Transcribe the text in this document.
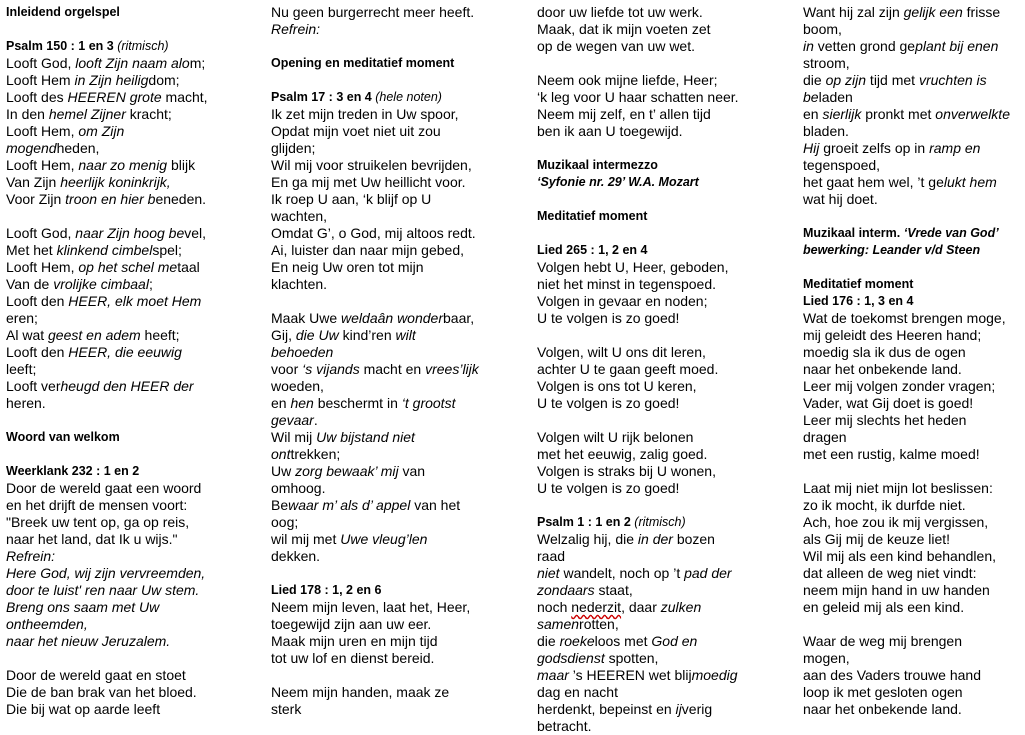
Inleidend orgelspel
Psalm 150 : 1 en 3 (ritmisch)
Looft God, looft Zijn naam alom;
Looft Hem in Zijn heiligdom;
Looft des HEEREN grote macht,
In den hemel Zijner kracht;
Looft Hem, om Zijn
mogendheden,
Looft Hem, naar zo menig blijk
Van Zijn heerlijk koninkrijk,
Voor Zijn troon en hier beneden.
Looft God, naar Zijn hoog bevel,
Met het klinkend cimbelspel;
Looft Hem, op het schel metaal
Van de vrolijke cimbaal;
Looft den HEER, elk moet Hem
eren;
Al wat geest en adem heeft;
Looft den HEER, die eeuwig
leeft;
Looft verheugd den HEER der
heren.
Woord van welkom
Weerklank 232 : 1 en 2
Door de wereld gaat een woord
en het drijft de mensen voort:
"Breek uw tent op, ga op reis,
naar het land, dat Ik u wijs."
Refrein:
Here God, wij zijn vervreemden,
door te luist' ren naar Uw stem.
Breng ons saam met Uw
ontheemden,
naar het nieuw Jeruzalem.
Door de wereld gaat en stoet
Die de ban brak van het bloed.
Die bij wat op aarde leeft
Nu geen burgerrecht meer heeft.
Refrein:
Opening en meditatief moment
Psalm 17 : 3 en 4 (hele noten)
Ik zet mijn treden in Uw spoor,
Opdat mijn voet niet uit zou
glijden;
Wil mij voor struikelen bevrijden,
En ga mij met Uw heillicht voor.
Ik roep U aan, ‘k blijf op U
wachten,
Omdat G’, o God, mij altoos redt.
Ai, luister dan naar mijn gebed,
En neig Uw oren tot mijn
klachten.
Maak Uwe weldaân wonderbaar,
Gij, die Uw kind’ren wilt
behoeden
voor ‘s vijands macht en vrees’lijk
woeden,
en hen beschermt in ‘t grootst
gevaar.
Wil mij Uw bijstand niet
onttrekken;
Uw zorg bewaak’ mij van
omhoog.
Bewaar m’ als d’ appel van het
oog;
wil mij met Uwe vleug’len
dekken.
Lied 178 : 1, 2 en 6
Neem mijn leven, laat het, Heer,
toegewijd zijn aan uw eer.
Maak mijn uren en mijn tijd
tot uw lof en dienst bereid.
Neem mijn handen, maak ze
sterk
door uw liefde tot uw werk.
Maak, dat ik mijn voeten zet
op de wegen van uw wet.
Neem ook mijne liefde, Heer;
‘k leg voor U haar schatten neer.
Neem mij zelf, en t’ allen tijd
ben ik aan U toegewijd.
Muzikaal intermezzo
‘Syfonie nr. 29’ W.A. Mozart
Meditatief moment
Lied 265 : 1, 2 en 4
Volgen hebt U, Heer, geboden,
niet het minst in tegenspoed.
Volgen in gevaar en noden;
U te volgen is zo goed!
Volgen, wilt U ons dit leren,
achter U te gaan geeft moed.
Volgen is ons tot U keren,
U te volgen is zo goed!
Volgen wilt U rijk belonen
met het eeuwig, zalig goed.
Volgen is straks bij U wonen,
U te volgen is zo goed!
Psalm 1 : 1 en 2 (ritmisch)
Welzalig hij, die in der bozen
raad
niet wandelt, noch op ’t pad der
zondaars staat,
noch nederzit, daar zulken
samenrotten,
die roekeloos met God en
godsdienst spotten,
maar ’s HEEREN wet blijmoedig
dag en nacht
herdenkt, bepeinst en ijverig
betracht.
Want hij zal zijn gelijk een frisse
boom,
in vetten grond geplant bij enen
stroom,
die op zijn tijd met vruchten is
beladen
en sierlijk pronkt met onverwelkte
bladen.
Hij groeit zelfs op in ramp en
tegenspoed,
het gaat hem wel, ’t gelukt hem
wat hij doet.
Muzikaal interm. ‘Vrede van God’
bewerking: Leander v/d Steen
Meditatief moment
Lied 176 : 1, 3 en 4
Wat de toekomst brengen moge,
mij geleidt des Heeren hand;
moedig sla ik dus de ogen
naar het onbekende land.
Leer mij volgen zonder vragen;
Vader, wat Gij doet is goed!
Leer mij slechts het heden
dragen
met een rustig, kalme moed!
Laat mij niet mijn lot beslissen:
zo ik mocht, ik durfde niet.
Ach, hoe zou ik mij vergissen,
als Gij mij de keuze liet!
Wil mij als een kind behandlen,
dat alleen de weg niet vindt:
neem mijn hand in uw handen
en geleid mij als een kind.
Waar de weg mij brengen
mogen,
aan des Vaders trouwe hand
loop ik met gesloten ogen
naar het onbekende land.
